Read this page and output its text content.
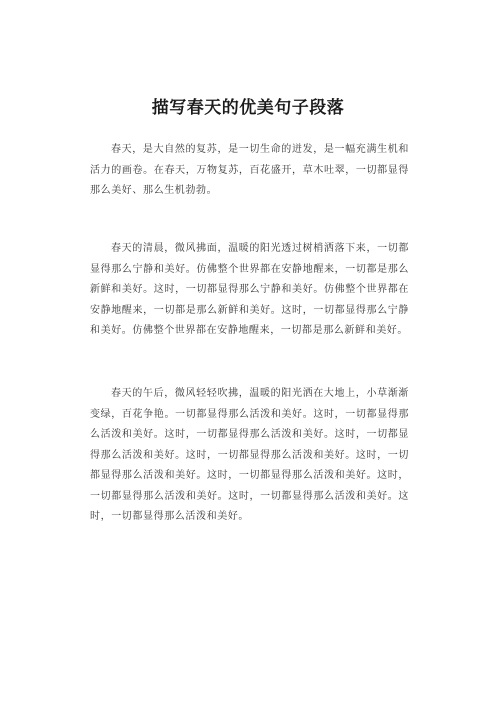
描写春天的优美句子段落

春天，是大自然的复苏，是一切生命的迸发，是一幅充满生机和活力的画卷。在春天，万物复苏，百花盛开，草木吐翠，一切都显得那么美好、那么生机勃勃。

春天的清晨，微风拂面，温暖的阳光透过树梢洒落下来，一切都显得那么宁静和美好。仿佛整个世界都在安静地醒来，一切都是那么新鲜和美好。这时，一切都显得那么宁静和美好。仿佛整个世界都在安静地醒来，一切都是那么新鲜和美好。这时，一切都显得那么宁静和美好。仿佛整个世界都在安静地醒来，一切都是那么新鲜和美好。

春天的午后，微风轻轻吹拂，温暖的阳光洒在大地上，小草渐渐变绿，百花争艳。一切都显得那么活泼和美好。这时，一切都显得那么活泼和美好。这时，一切都显得那么活泼和美好。这时，一切都显得那么活泼和美好。这时，一切都显得那么活泼和美好。这时，一切都显得那么活泼和美好。这时，一切都显得那么活泼和美好。这时，一切都显得那么活泼和美好。这时，一切都显得那么活泼和美好。这时，一切都显得那么活泼和美好。
